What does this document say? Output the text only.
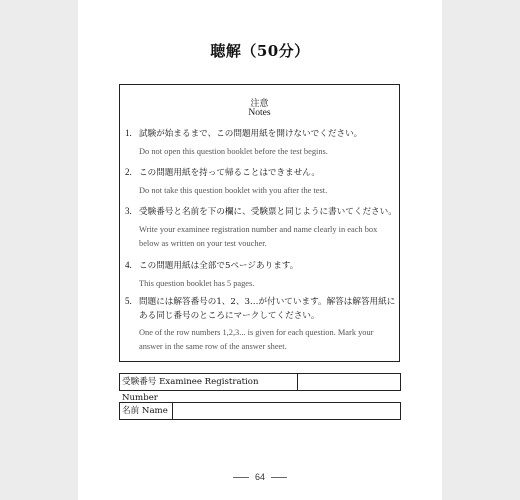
聴解（50分）
注意
Notes
1. 試験が始まるまで、この問題用紙を開けないでください。
Do not open this question booklet before the test begins.
2. この問題用紙を持って帰ることはできません。
Do not take this question booklet with you after the test.
3. 受験番号と名前を下の欄に、受験票と同じように書いてください。
Write your examinee registration number and name clearly in each box below as written on your test voucher.
4. この問題用紙は全部で5ページあります。
This question booklet has 5 pages.
5. 問題には解答番号の1、2、3…が付いています。解答は解答用紙にある同じ番号のところにマークしてください。
One of the row numbers 1,2,3... is given for each question. Mark your answer in the same row of the answer sheet.
受験番号 Examinee Registration Number
名前 Name
64
